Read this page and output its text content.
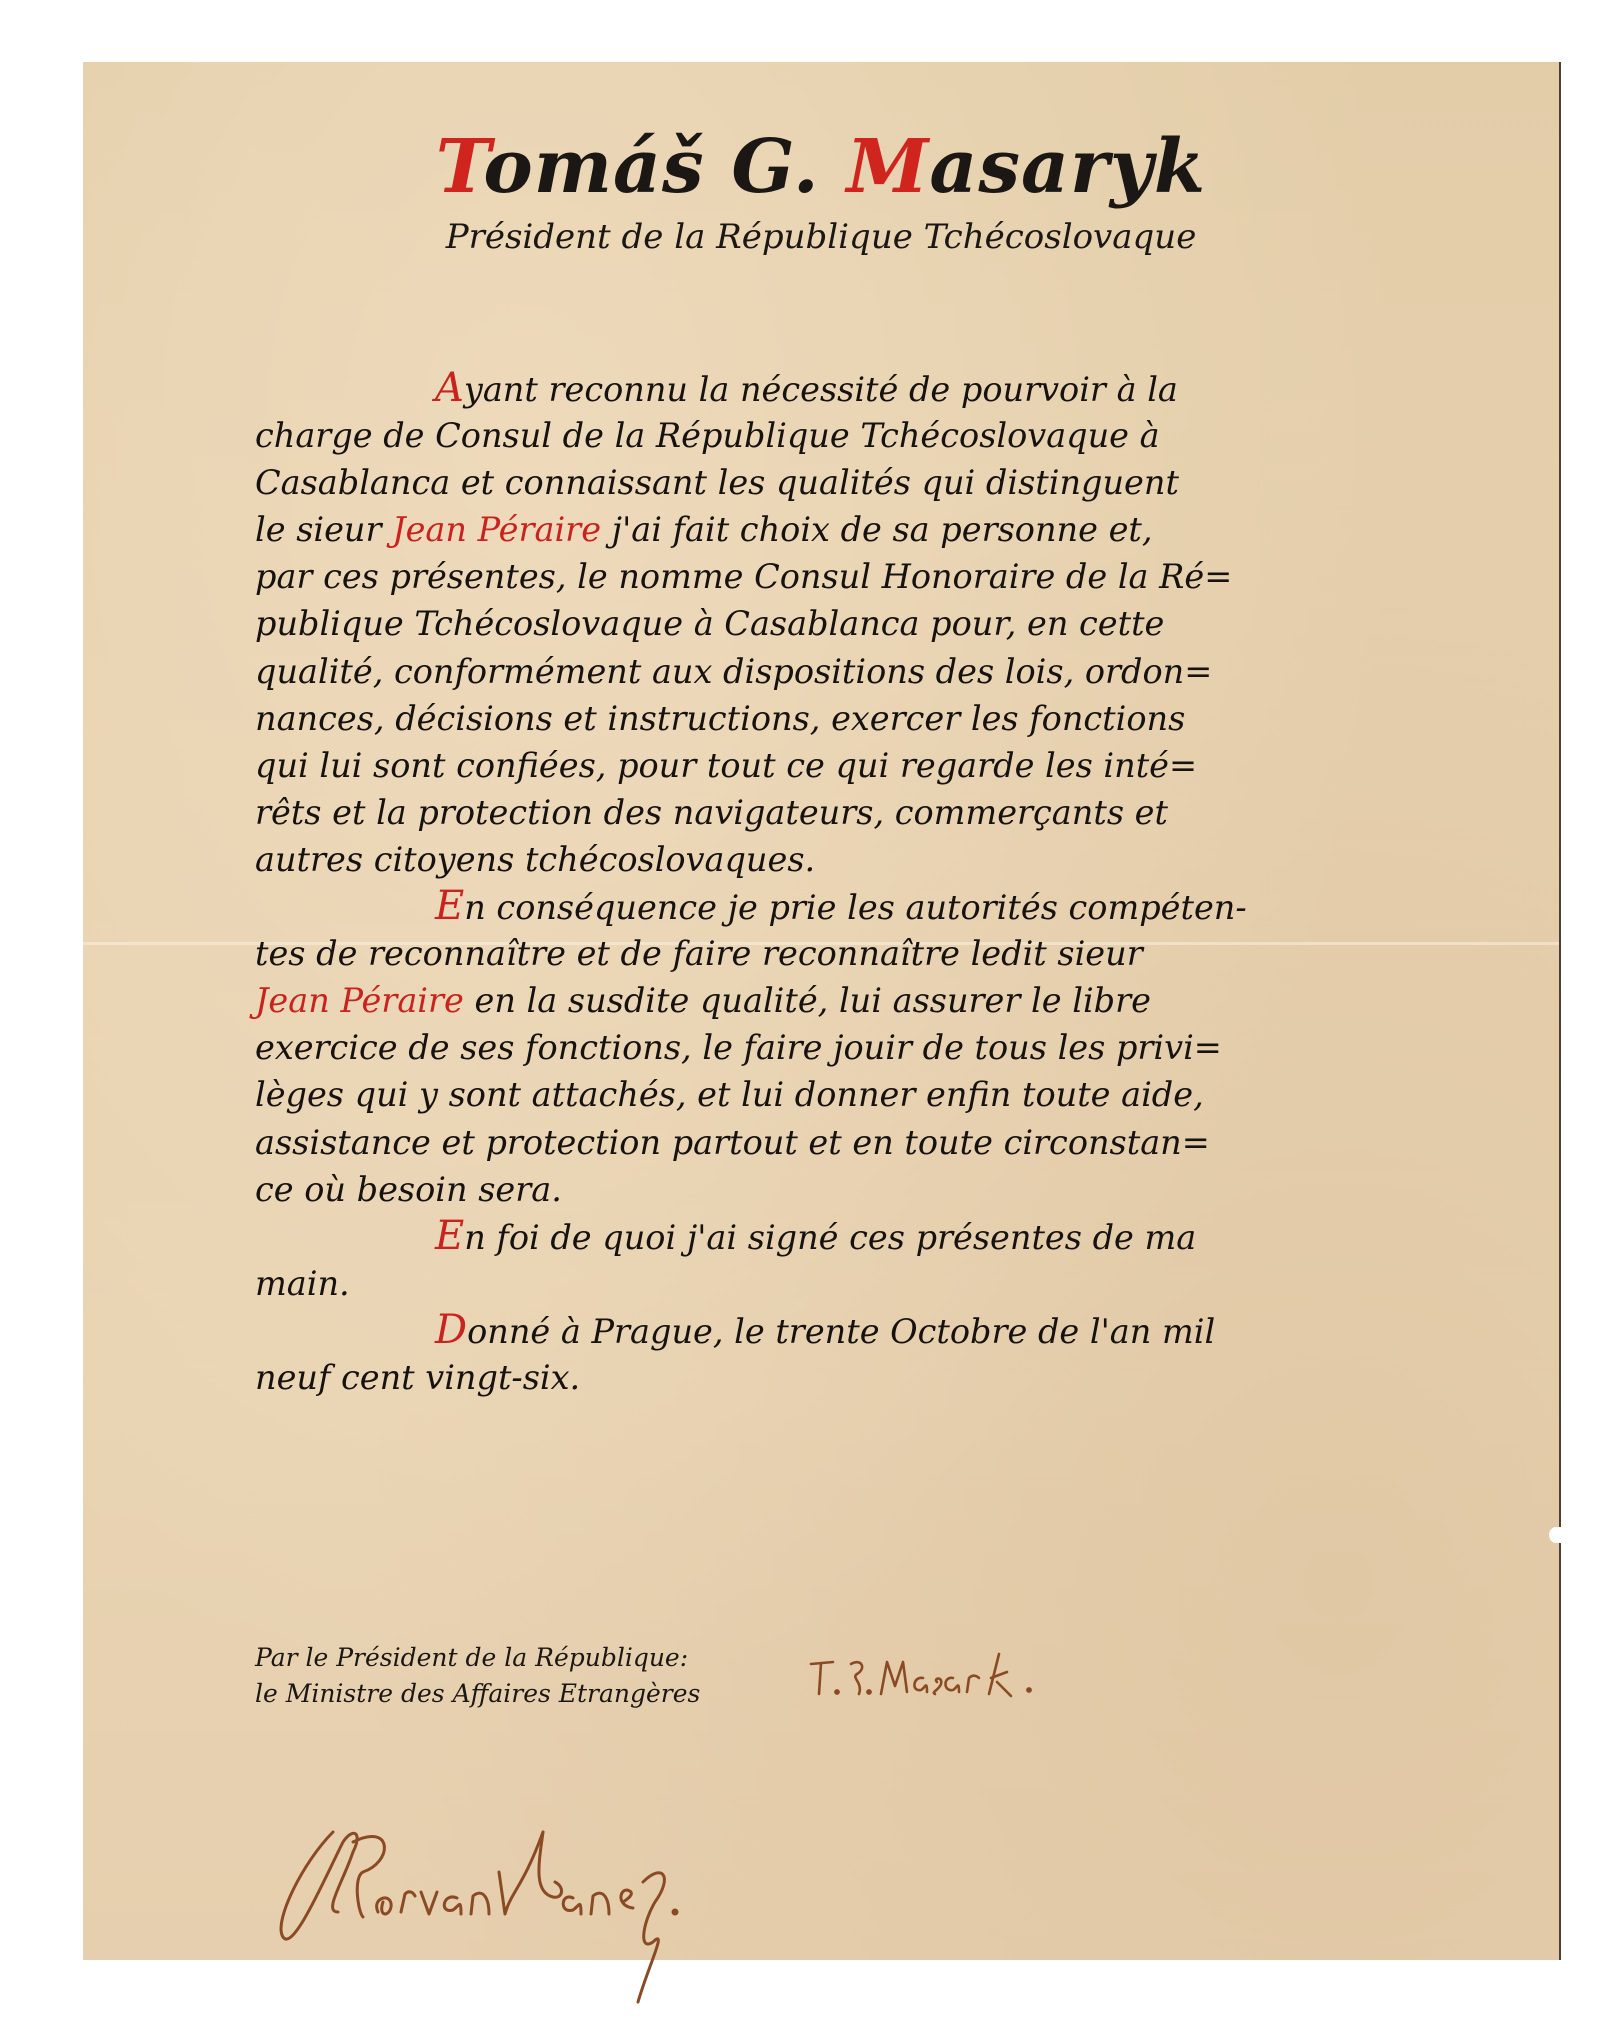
Tomáš G. Masaryk
Président de la République Tchécoslovaque
Ayant reconnu la nécessité de pourvoir à la
charge de Consul de la République Tchécoslovaque à
Casablanca et connaissant les qualités qui distinguent
le sieur Jean Péraire j'ai fait choix de sa personne et,
par ces présentes, le nomme Consul Honoraire de la Ré=
publique Tchécoslovaque à Casablanca pour, en cette
qualité, conformément aux dispositions des lois, ordon=
nances, décisions et instructions, exercer les fonctions
qui lui sont confiées, pour tout ce qui regarde les inté=
rêts et la protection des navigateurs, commerçants et
autres citoyens tchécoslovaques.
En conséquence je prie les autorités compéten-
tes de reconnaître et de faire reconnaître ledit sieur
Jean Péraire en la susdite qualité, lui assurer le libre
exercice de ses fonctions, le faire jouir de tous les privi=
lèges qui y sont attachés, et lui donner enfin toute aide,
assistance et protection partout et en toute circonstan=
ce où besoin sera.
En foi de quoi j'ai signé ces présentes de ma
main.
Donné à Prague, le trente Octobre de l'an mil
neuf cent vingt-six.
Par le Président de la République:
le Ministre des Affaires Etrangères
